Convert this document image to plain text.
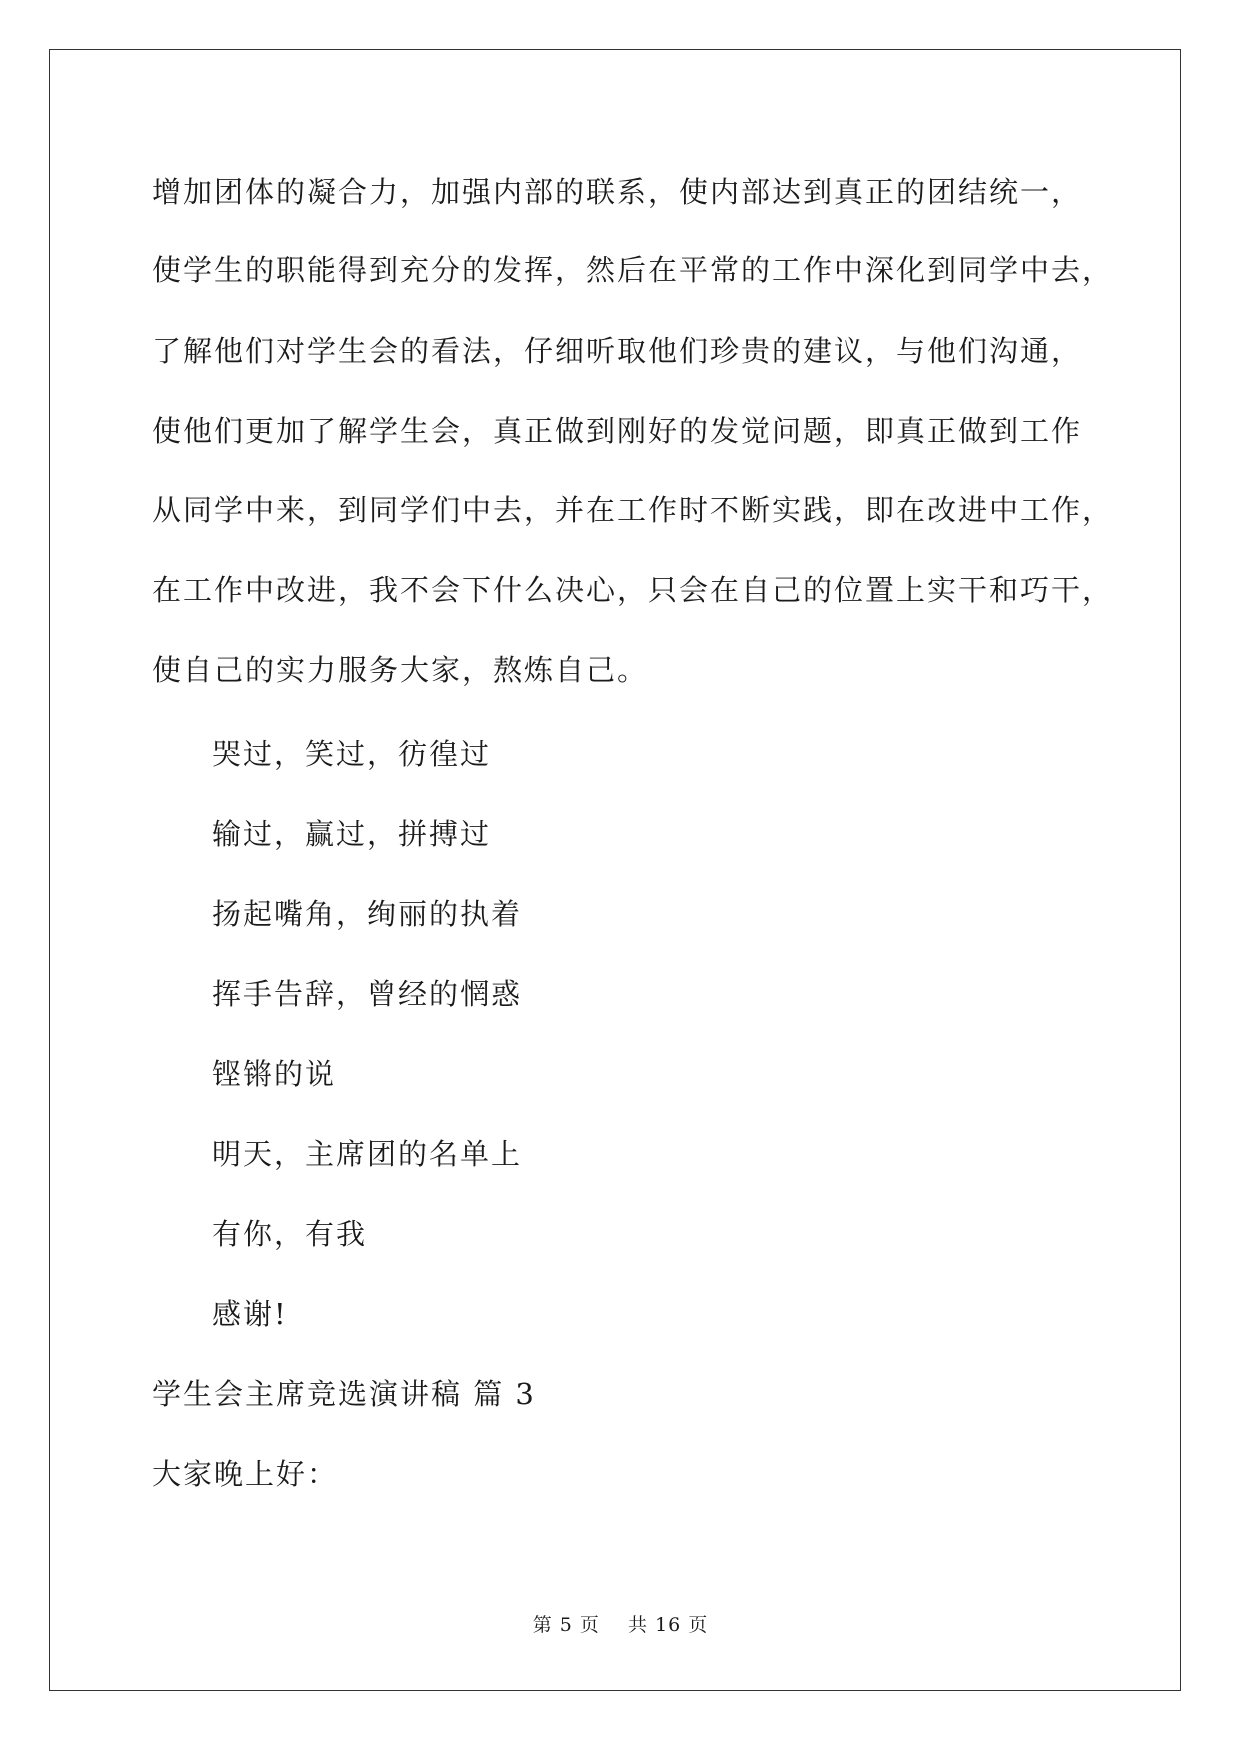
增加团体的凝合力，加强内部的联系，使内部达到真正的团结统一，
使学生的职能得到充分的发挥，然后在平常的工作中深化到同学中去，
了解他们对学生会的看法，仔细听取他们珍贵的建议，与他们沟通，
使他们更加了解学生会，真正做到刚好的发觉问题，即真正做到工作
从同学中来，到同学们中去，并在工作时不断实践，即在改进中工作，
在工作中改进，我不会下什么决心，只会在自己的位置上实干和巧干，
使自己的实力服务大家，熬炼自己。
哭过，笑过，彷徨过
输过，赢过，拼搏过
扬起嘴角，绚丽的执着
挥手告辞，曾经的惘惑
铿锵的说
明天，主席团的名单上
有你，有我
感谢!
学生会主席竞选演讲稿 篇 3
大家晚上好：
第 5 页 共 16 页
